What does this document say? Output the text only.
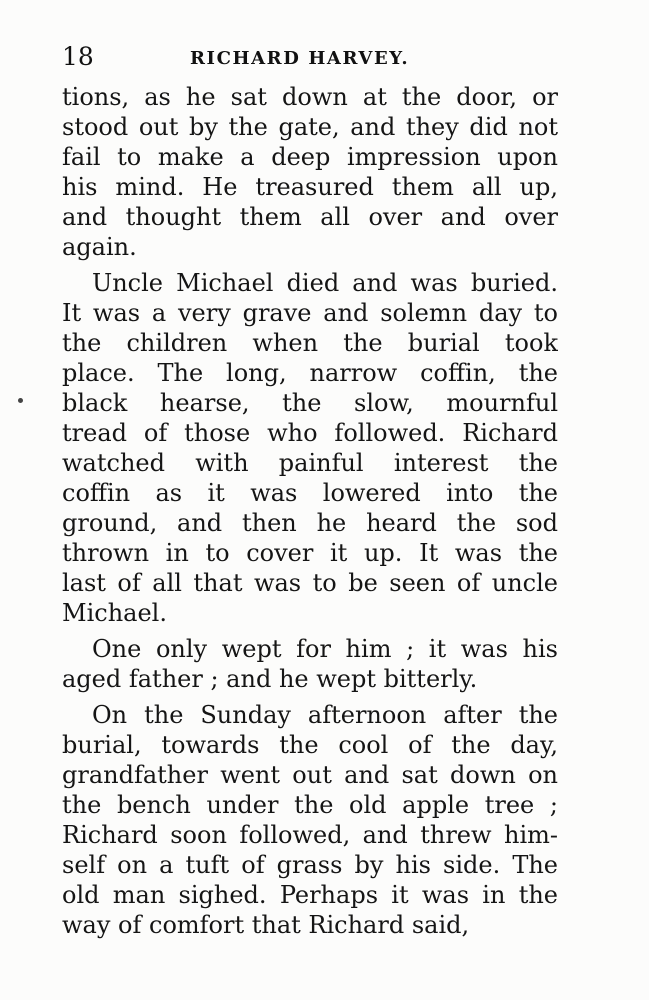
18	RICHARD HARVEY.
tions, as he sat down at the door, or
stood out by the gate, and they did not
fail to make a deep impression upon
his mind. He treasured them all up,
and thought them all over and over
again.
Uncle Michael died and was buried.
It was a very grave and solemn day to
the children when the burial took
place. The long, narrow coffin, the
black hearse, the slow, mournful
tread of those who followed. Richard
watched with painful interest the
coffin as it was lowered into the
ground, and then he heard the sod
thrown in to cover it up. It was the
last of all that was to be seen of uncle
Michael.
One only wept for him ; it was his
aged father ; and he wept bitterly.
On the Sunday afternoon after the
burial, towards the cool of the day,
grandfather went out and sat down on
the bench under the old apple tree ;
Richard soon followed, and threw him-
self on a tuft of grass by his side. The
old man sighed. Perhaps it was in the
way of comfort that Richard said,
